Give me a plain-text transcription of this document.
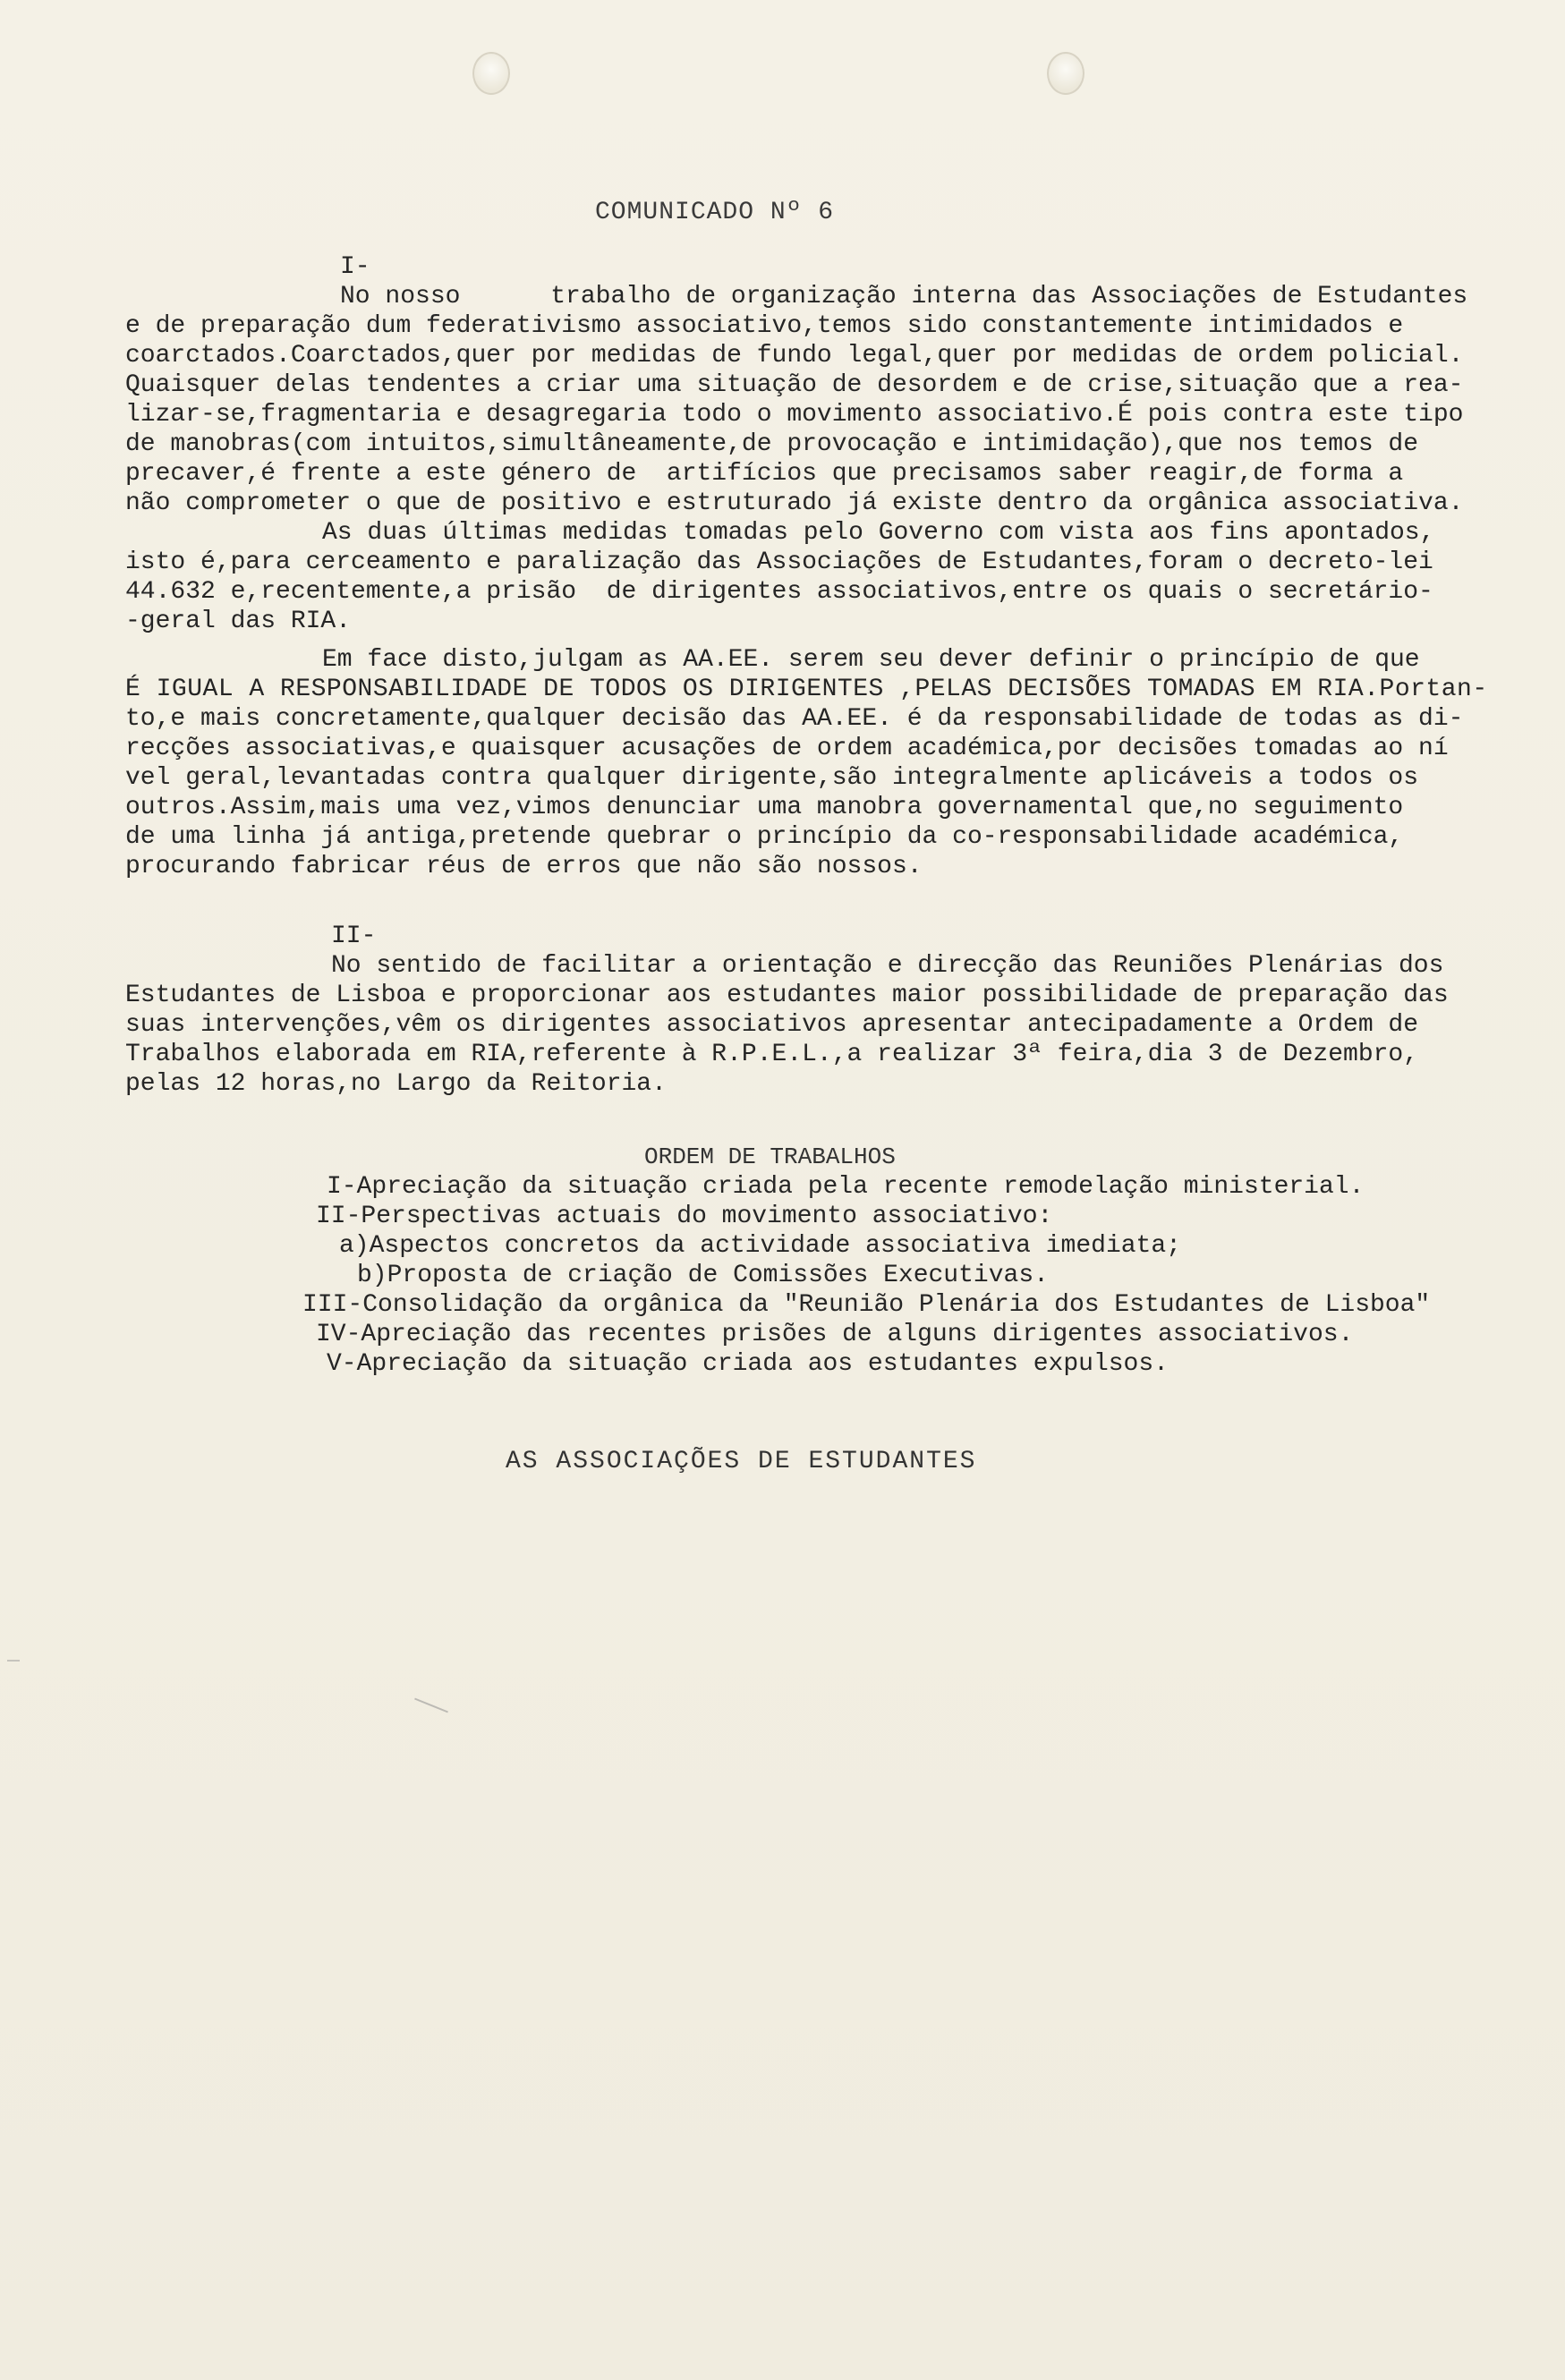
COMUNICADO Nº 6
I-
No nosso      trabalho de organização interna das Associações de Estudantes
e de preparação dum federativismo associativo,temos sido constantemente intimidados e
coarctados.Coarctados,quer por medidas de fundo legal,quer por medidas de ordem policial.
Quaisquer delas tendentes a criar uma situação de desordem e de crise,situação que a rea-
lizar-se,fragmentaria e desagregaria todo o movimento associativo.É pois contra este tipo
de manobras(com intuitos,simultâneamente,de provocação e intimidação),que nos temos de
precaver,é frente a este género de  artifícios que precisamos saber reagir,de forma a
não comprometer o que de positivo e estruturado já existe dentro da orgânica associativa.
As duas últimas medidas tomadas pelo Governo com vista aos fins apontados,
isto é,para cerceamento e paralização das Associações de Estudantes,foram o decreto-lei
44.632 e,recentemente,a prisão  de dirigentes associativos,entre os quais o secretário-
-geral das RIA.
Em face disto,julgam as AA.EE. serem seu dever definir o princípio de que
É IGUAL A RESPONSABILIDADE DE TODOS OS DIRIGENTES ,PELAS DECISÕES TOMADAS EM RIA.Portan-
to,e mais concretamente,qualquer decisão das AA.EE. é da responsabilidade de todas as di-
recções associativas,e quaisquer acusações de ordem académica,por decisões tomadas ao ní
vel geral,levantadas contra qualquer dirigente,são integralmente aplicáveis a todos os
outros.Assim,mais uma vez,vimos denunciar uma manobra governamental que,no seguimento
de uma linha já antiga,pretende quebrar o princípio da co-responsabilidade académica,
procurando fabricar réus de erros que não são nossos.
II-
No sentido de facilitar a orientação e direcção das Reuniões Plenárias dos
Estudantes de Lisboa e proporcionar aos estudantes maior possibilidade de preparação das
suas intervenções,vêm os dirigentes associativos apresentar antecipadamente a Ordem de
Trabalhos elaborada em RIA,referente à R.P.E.L.,a realizar 3ª feira,dia 3 de Dezembro,
pelas 12 horas,no Largo da Reitoria.
ORDEM DE TRABALHOS
I-Apreciação da situação criada pela recente remodelação ministerial.
II-Perspectivas actuais do movimento associativo:
a)Aspectos concretos da actividade associativa imediata;
b)Proposta de criação de Comissões Executivas.
III-Consolidação da orgânica da "Reunião Plenária dos Estudantes de Lisboa"
IV-Apreciação das recentes prisões de alguns dirigentes associativos.
V-Apreciação da situação criada aos estudantes expulsos.
AS ASSOCIAÇÕES DE ESTUDANTES
